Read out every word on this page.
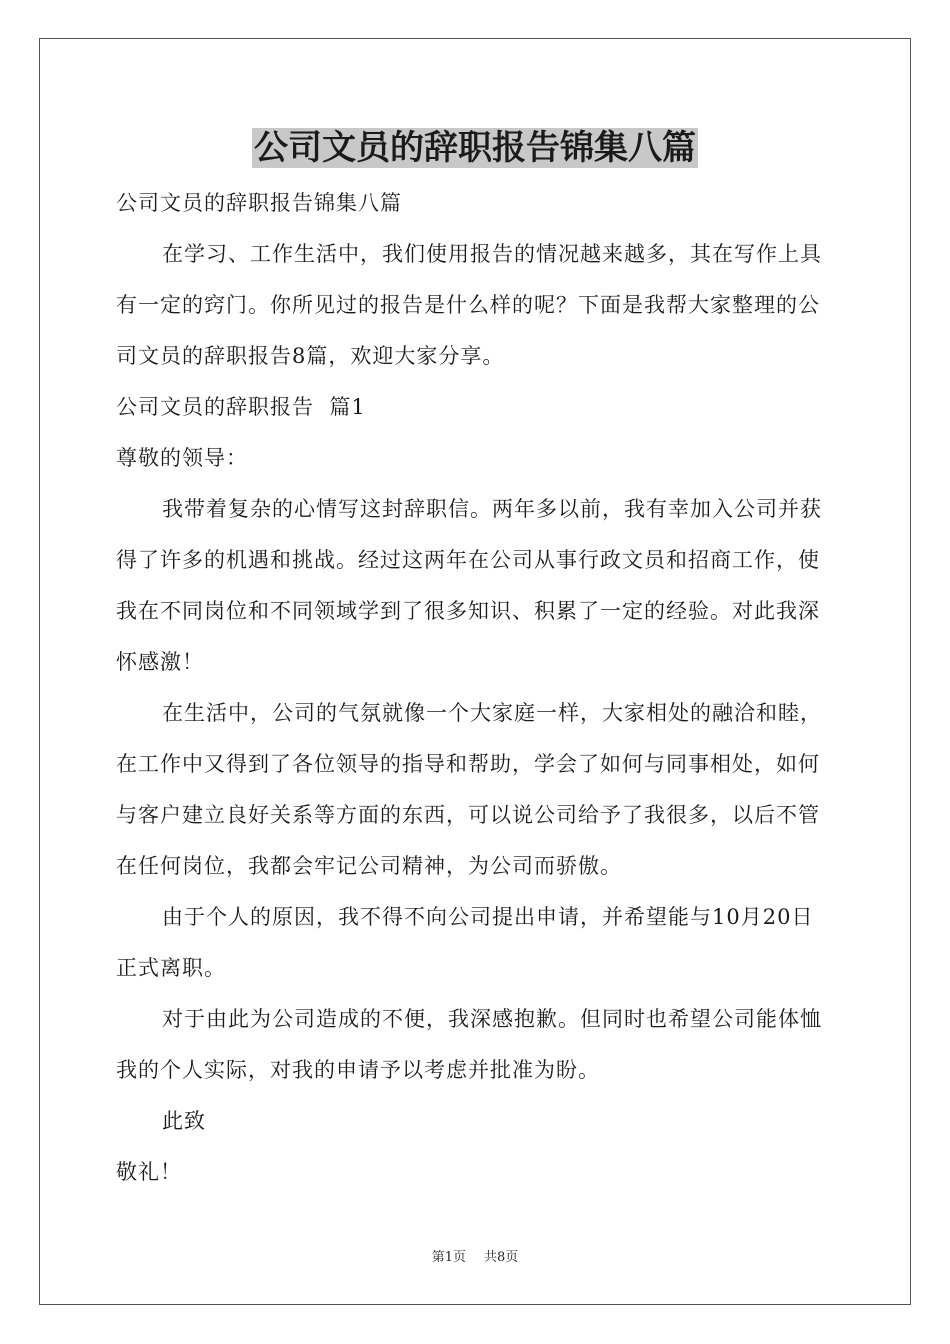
公司文员的辞职报告锦集八篇

公司文员的辞职报告锦集八篇

在学习、工作生活中，我们使用报告的情况越来越多，其在写作上具有一定的窍门。你所见过的报告是什么样的呢？下面是我帮大家整理的公司文员的辞职报告8篇，欢迎大家分享。

公司文员的辞职报告  篇1

尊敬的领导：

我带着复杂的心情写这封辞职信。两年多以前，我有幸加入公司并获得了许多的机遇和挑战。经过这两年在公司从事行政文员和招商工作，使我在不同岗位和不同领域学到了很多知识、积累了一定的经验。对此我深怀感激！

在生活中，公司的气氛就像一个大家庭一样，大家相处的融洽和睦，在工作中又得到了各位领导的指导和帮助，学会了如何与同事相处，如何与客户建立良好关系等方面的东西，可以说公司给予了我很多，以后不管在任何岗位，我都会牢记公司精神，为公司而骄傲。

由于个人的原因，我不得不向公司提出申请，并希望能与10月20日正式离职。

对于由此为公司造成的不便，我深感抱歉。但同时也希望公司能体恤我的个人实际，对我的申请予以考虑并批准为盼。

此致

敬礼！

第1页 共8页
